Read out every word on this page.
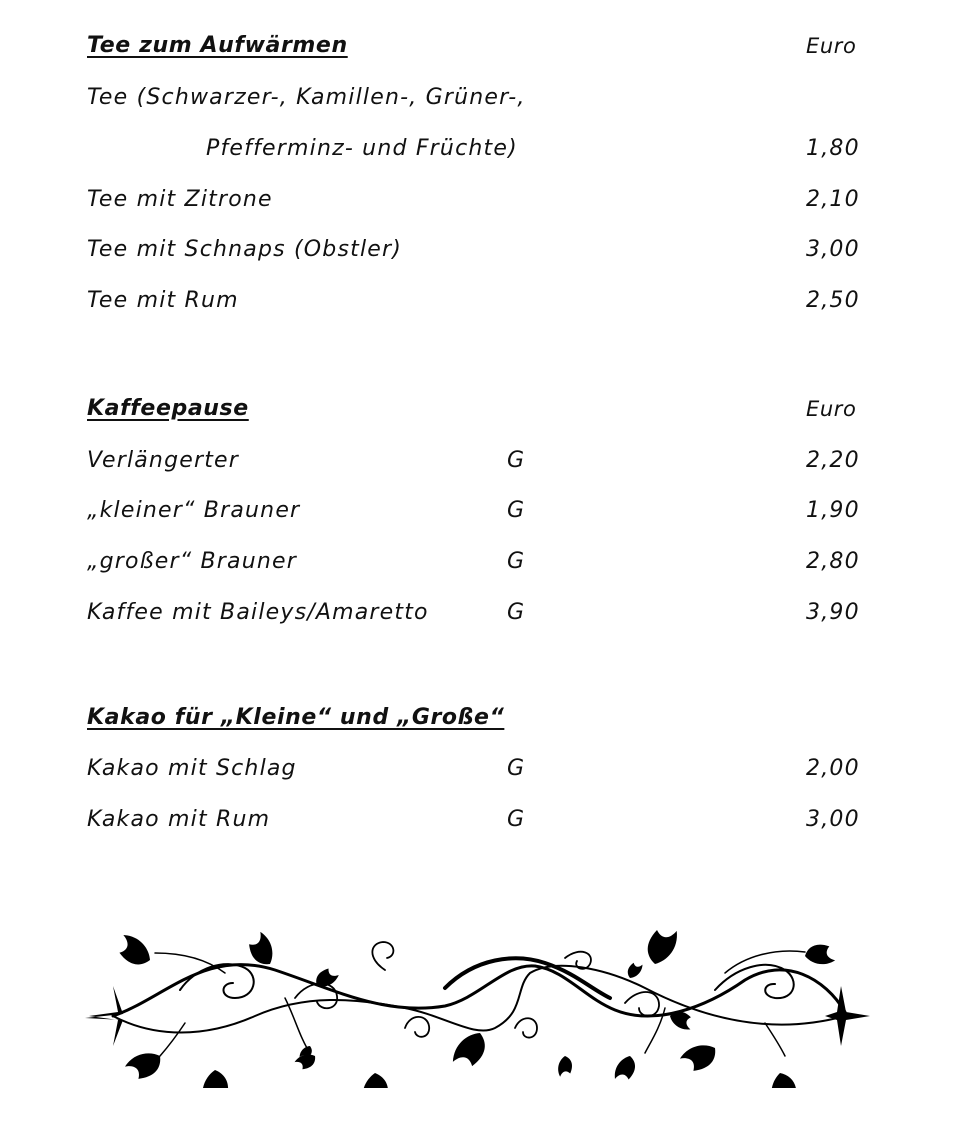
Tee zum Aufwärmen	Euro
Tee (Schwarzer-, Kamillen-, Grüner-,
Pfefferminz- und Früchte)	1,80
Tee mit Zitrone	2,10
Tee mit Schnaps (Obstler)	3,00
Tee mit Rum	2,50
Kaffeepause	Euro
Verlängerter	G	2,20
„kleiner“ Brauner	G	1,90
„großer“ Brauner	G	2,80
Kaffee mit Baileys/Amaretto	G	3,90
Kakao für „Kleine“ und „Große“
Kakao mit Schlag	G	2,00
Kakao mit Rum	G	3,00
